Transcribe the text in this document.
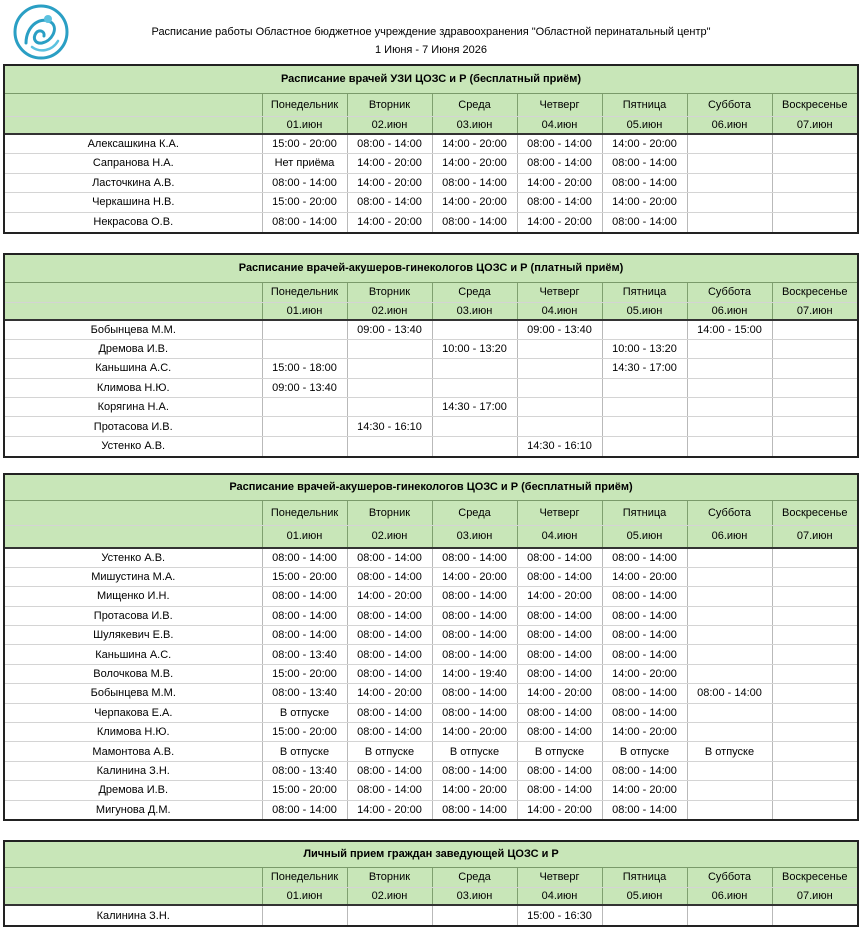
Расписание работы Областное бюджетное учреждение здравоохранения "Областной перинатальный центр"
1 Июня - 7 Июня 2026
Расписание врачей УЗИ ЦОЗС и Р (бесплатный приём)							
	Понедельник	Вторник	Среда	Четверг	Пятница	Суббота	Воскресенье
	01.июн	02.июн	03.июн	04.июн	05.июн	06.июн	07.июн
Алексашкина К.А.	15:00 - 20:00	08:00 - 14:00	14:00 - 20:00	08:00 - 14:00	14:00 - 20:00		
Сапранова Н.А.	Нет приёма	14:00 - 20:00	14:00 - 20:00	08:00 - 14:00	08:00 - 14:00		
Ласточкина А.В.	08:00 - 14:00	14:00 - 20:00	08:00 - 14:00	14:00 - 20:00	08:00 - 14:00		
Черкашина Н.В.	15:00 - 20:00	08:00 - 14:00	14:00 - 20:00	08:00 - 14:00	14:00 - 20:00		
Некрасова О.В.	08:00 - 14:00	14:00 - 20:00	08:00 - 14:00	14:00 - 20:00	08:00 - 14:00		
Расписание врачей-акушеров-гинекологов ЦОЗС и Р (платный приём)							
	Понедельник	Вторник	Среда	Четверг	Пятница	Суббота	Воскресенье
	01.июн	02.июн	03.июн	04.июн	05.июн	06.июн	07.июн
Бобынцева М.М.		09:00 - 13:40		09:00 - 13:40		14:00 - 15:00	
Дремова И.В.			10:00 - 13:20		10:00 - 13:20		
Каньшина А.С.	15:00 - 18:00				14:30 - 17:00		
Климова Н.Ю.	09:00 - 13:40						
Корягина Н.А.			14:30 - 17:00				
Протасова И.В.		14:30 - 16:10					
Устенко А.В.				14:30 - 16:10			
Расписание врачей-акушеров-гинекологов ЦОЗС и Р (бесплатный приём)							
	Понедельник	Вторник	Среда	Четверг	Пятница	Суббота	Воскресенье
	01.июн	02.июн	03.июн	04.июн	05.июн	06.июн	07.июн
Устенко А.В.	08:00 - 14:00	08:00 - 14:00	08:00 - 14:00	08:00 - 14:00	08:00 - 14:00		
Мишустина М.А.	15:00 - 20:00	08:00 - 14:00	14:00 - 20:00	08:00 - 14:00	14:00 - 20:00		
Мищенко И.Н.	08:00 - 14:00	14:00 - 20:00	08:00 - 14:00	14:00 - 20:00	08:00 - 14:00		
Протасова И.В.	08:00 - 14:00	08:00 - 14:00	08:00 - 14:00	08:00 - 14:00	08:00 - 14:00		
Шулякевич Е.В.	08:00 - 14:00	08:00 - 14:00	08:00 - 14:00	08:00 - 14:00	08:00 - 14:00		
Каньшина А.С.	08:00 - 13:40	08:00 - 14:00	08:00 - 14:00	08:00 - 14:00	08:00 - 14:00		
Волочкова М.В.	15:00 - 20:00	08:00 - 14:00	14:00 - 19:40	08:00 - 14:00	14:00 - 20:00		
Бобынцева М.М.	08:00 - 13:40	14:00 - 20:00	08:00 - 14:00	14:00 - 20:00	08:00 - 14:00	08:00 - 14:00	
Черпакова Е.А.	В отпуске	08:00 - 14:00	08:00 - 14:00	08:00 - 14:00	08:00 - 14:00		
Климова Н.Ю.	15:00 - 20:00	08:00 - 14:00	14:00 - 20:00	08:00 - 14:00	14:00 - 20:00		
Мамонтова А.В.	В отпуске	В отпуске	В отпуске	В отпуске	В отпуске	В отпуске	
Калинина З.Н.	08:00 - 13:40	08:00 - 14:00	08:00 - 14:00	08:00 - 14:00	08:00 - 14:00		
Дремова И.В.	15:00 - 20:00	08:00 - 14:00	14:00 - 20:00	08:00 - 14:00	14:00 - 20:00		
Мигунова Д.М.	08:00 - 14:00	14:00 - 20:00	08:00 - 14:00	14:00 - 20:00	08:00 - 14:00		
Личный прием граждан заведующей ЦОЗС и Р							
	Понедельник	Вторник	Среда	Четверг	Пятница	Суббота	Воскресенье
	01.июн	02.июн	03.июн	04.июн	05.июн	06.июн	07.июн
Калинина З.Н.				15:00 - 16:30			
